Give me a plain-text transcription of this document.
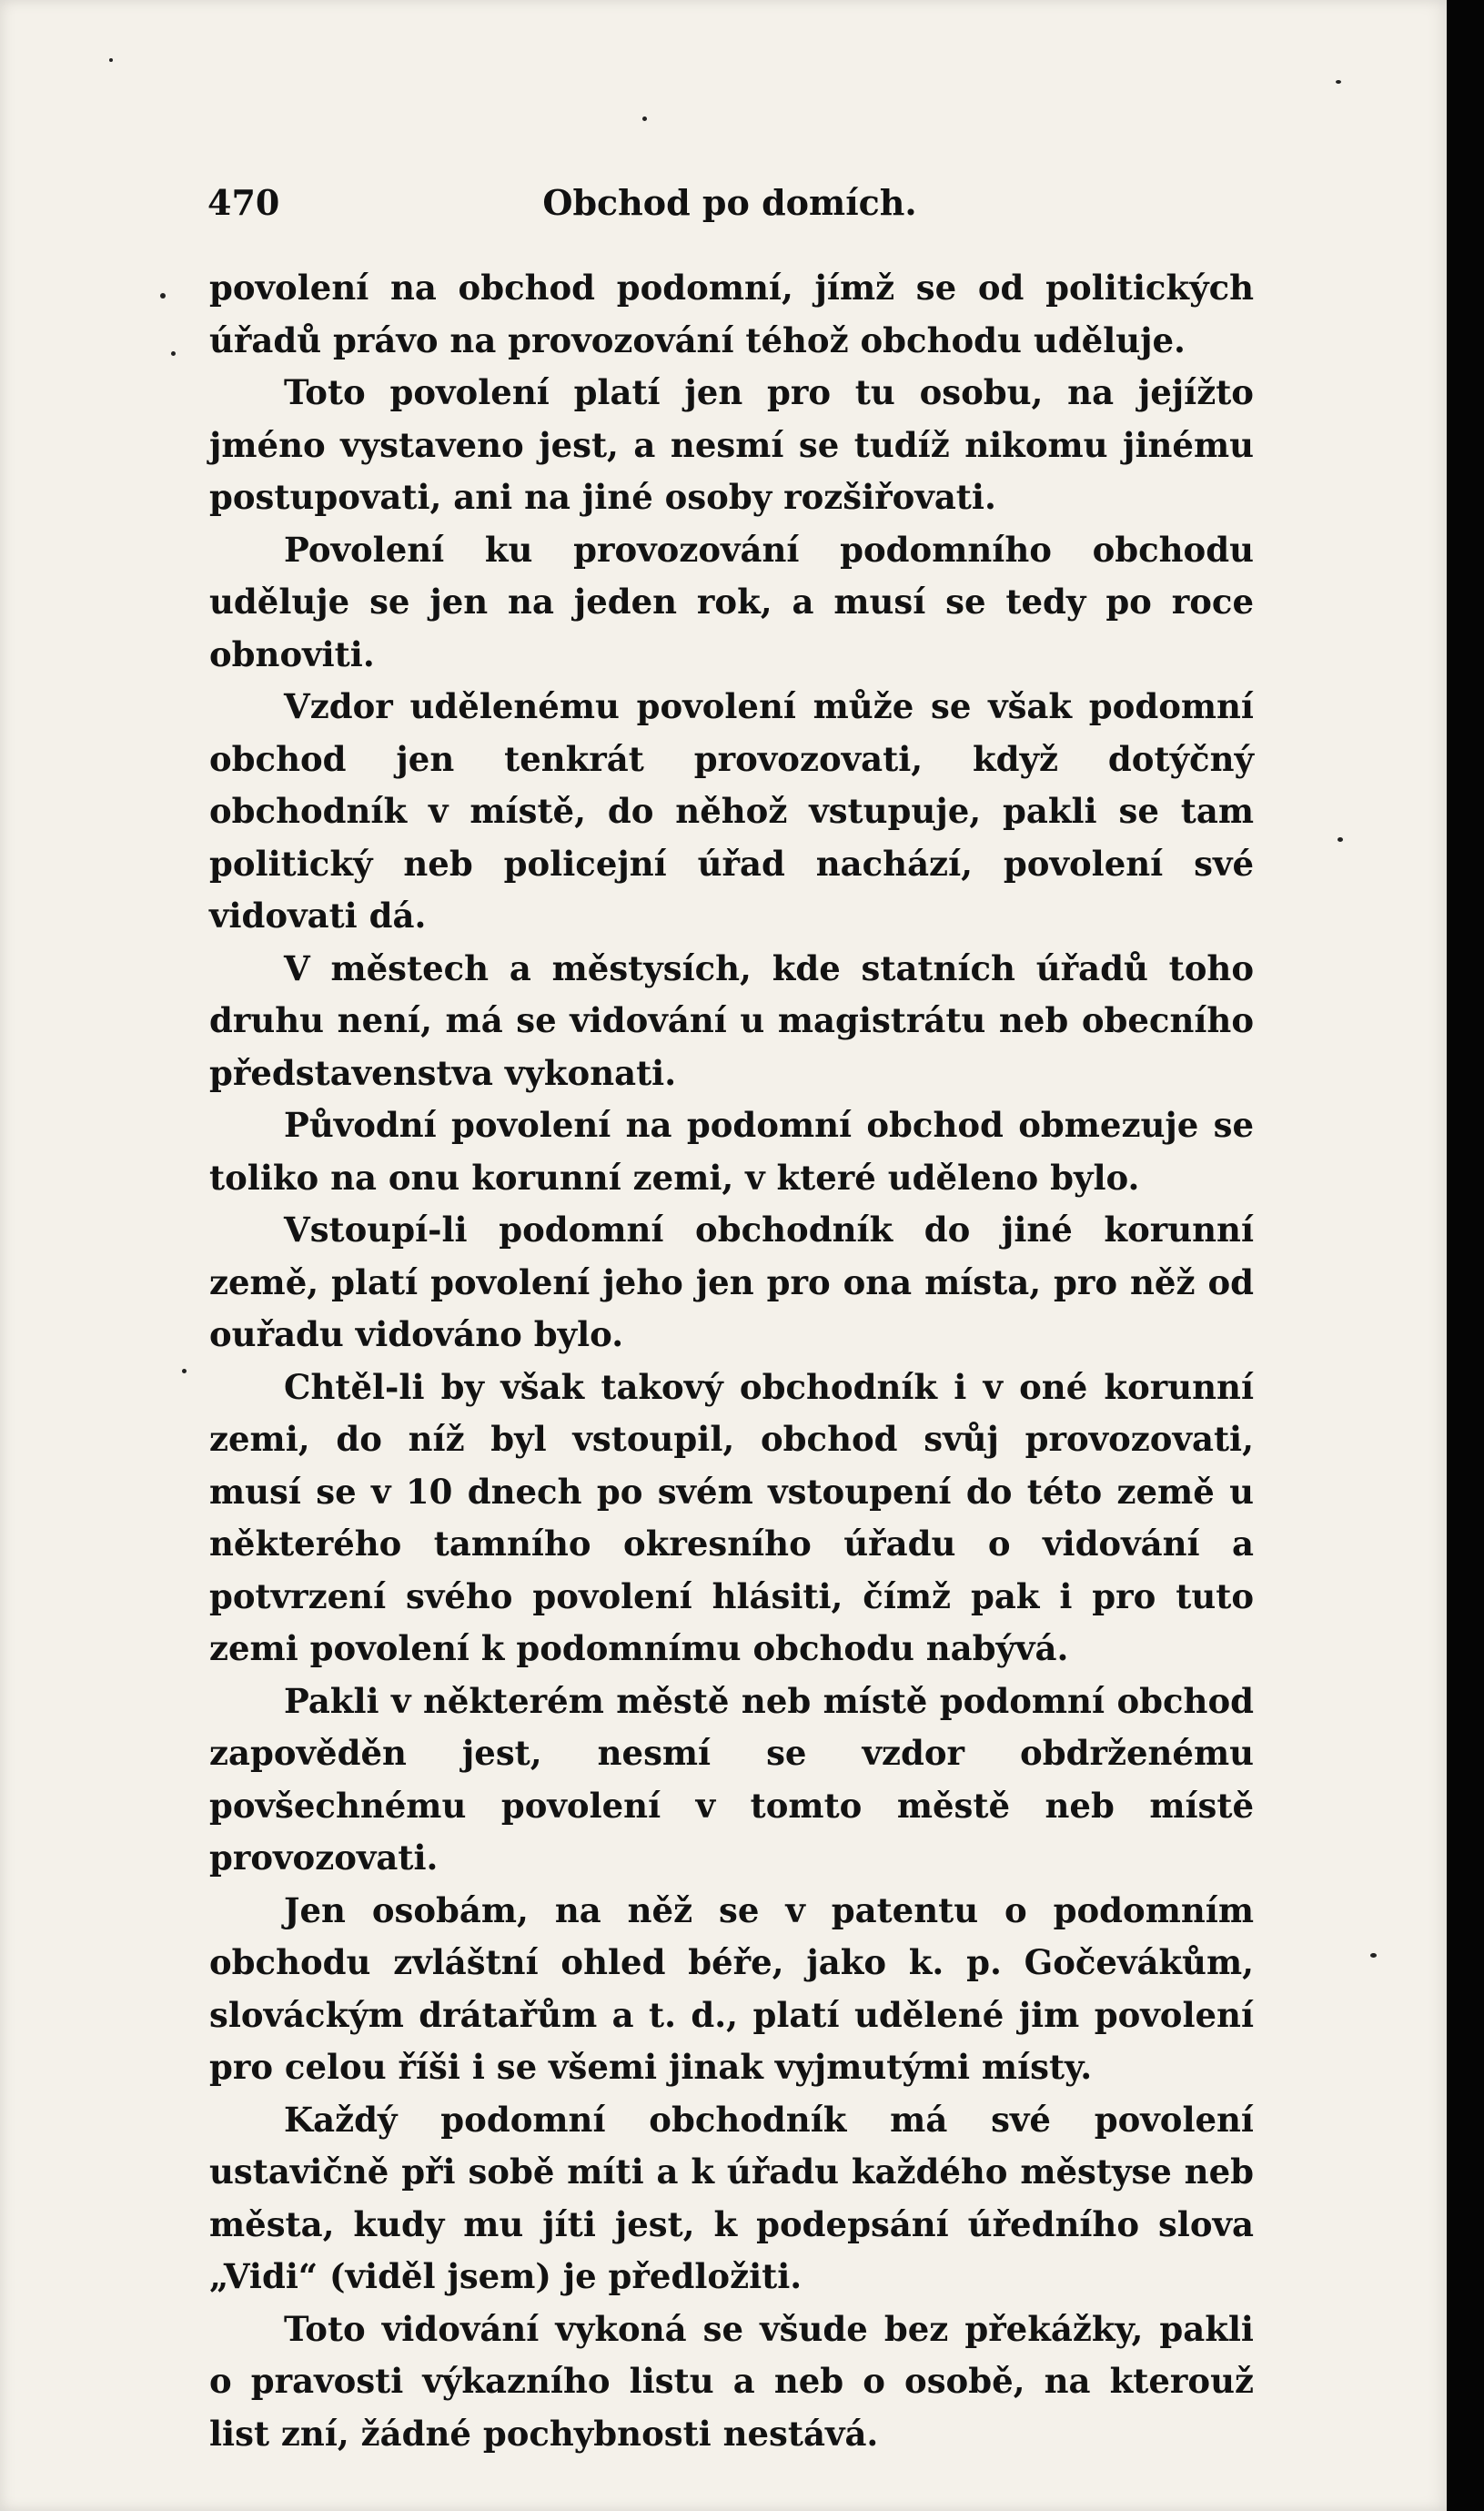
470	Obchod po domích.

povolení na obchod podomní, jímž se od politických úřadů právo na provozování téhož obchodu uděluje.

Toto povolení platí jen pro tu osobu, na jejížto jméno vystaveno jest, a nesmí se tudíž nikomu jinému postupovati, ani na jiné osoby rozšiřovati.

Povolení ku provozování podomního obchodu uděluje se jen na jeden rok, a musí se tedy po roce obnoviti.

Vzdor udělenému povolení může se však podomní obchod jen tenkrát provozovati, když dotýčný obchodník v místě, do něhož vstupuje, pakli se tam politický neb policejní úřad nachází, povolení své vidovati dá.

V městech a městysích, kde statních úřadů toho druhu není, má se vidování u magistrátu neb obecního představenstva vykonati.

Původní povolení na podomní obchod obmezuje se toliko na onu korunní zemi, v které uděleno bylo.

Vstoupí-li podomní obchodník do jiné korunní země, platí povolení jeho jen pro ona místa, pro něž od ouřadu vidováno bylo.

Chtěl-li by však takový obchodník i v oné korunní zemi, do níž byl vstoupil, obchod svůj provozovati, musí se v 10 dnech po svém vstoupení do této země u některého tamního okresního úřadu o vidování a potvrzení svého povolení hlásiti, čímž pak i pro tuto zemi povolení k podomnímu obchodu nabývá.

Pakli v některém městě neb místě podomní obchod zapověděn jest, nesmí se vzdor obdrženému povšechnému povolení v tomto městě neb místě provozovati.

Jen osobám, na něž se v patentu o podomním obchodu zvláštní ohled béře, jako k. p. Gočevákům, slováckým drátařům a t. d., platí udělené jim povolení pro celou říši i se všemi jinak vyjmutými místy.

Každý podomní obchodník má své povolení ustavičně při sobě míti a k úřadu každého městyse neb města, kudy mu jíti jest, k podepsání úředního slova „Vidi“ (viděl jsem) je předložiti.

Toto vidování vykoná se všude bez překážky, pakli o pravosti výkazního listu a neb o osobě, na kterouž list zní, žádné pochybnosti nestává.
